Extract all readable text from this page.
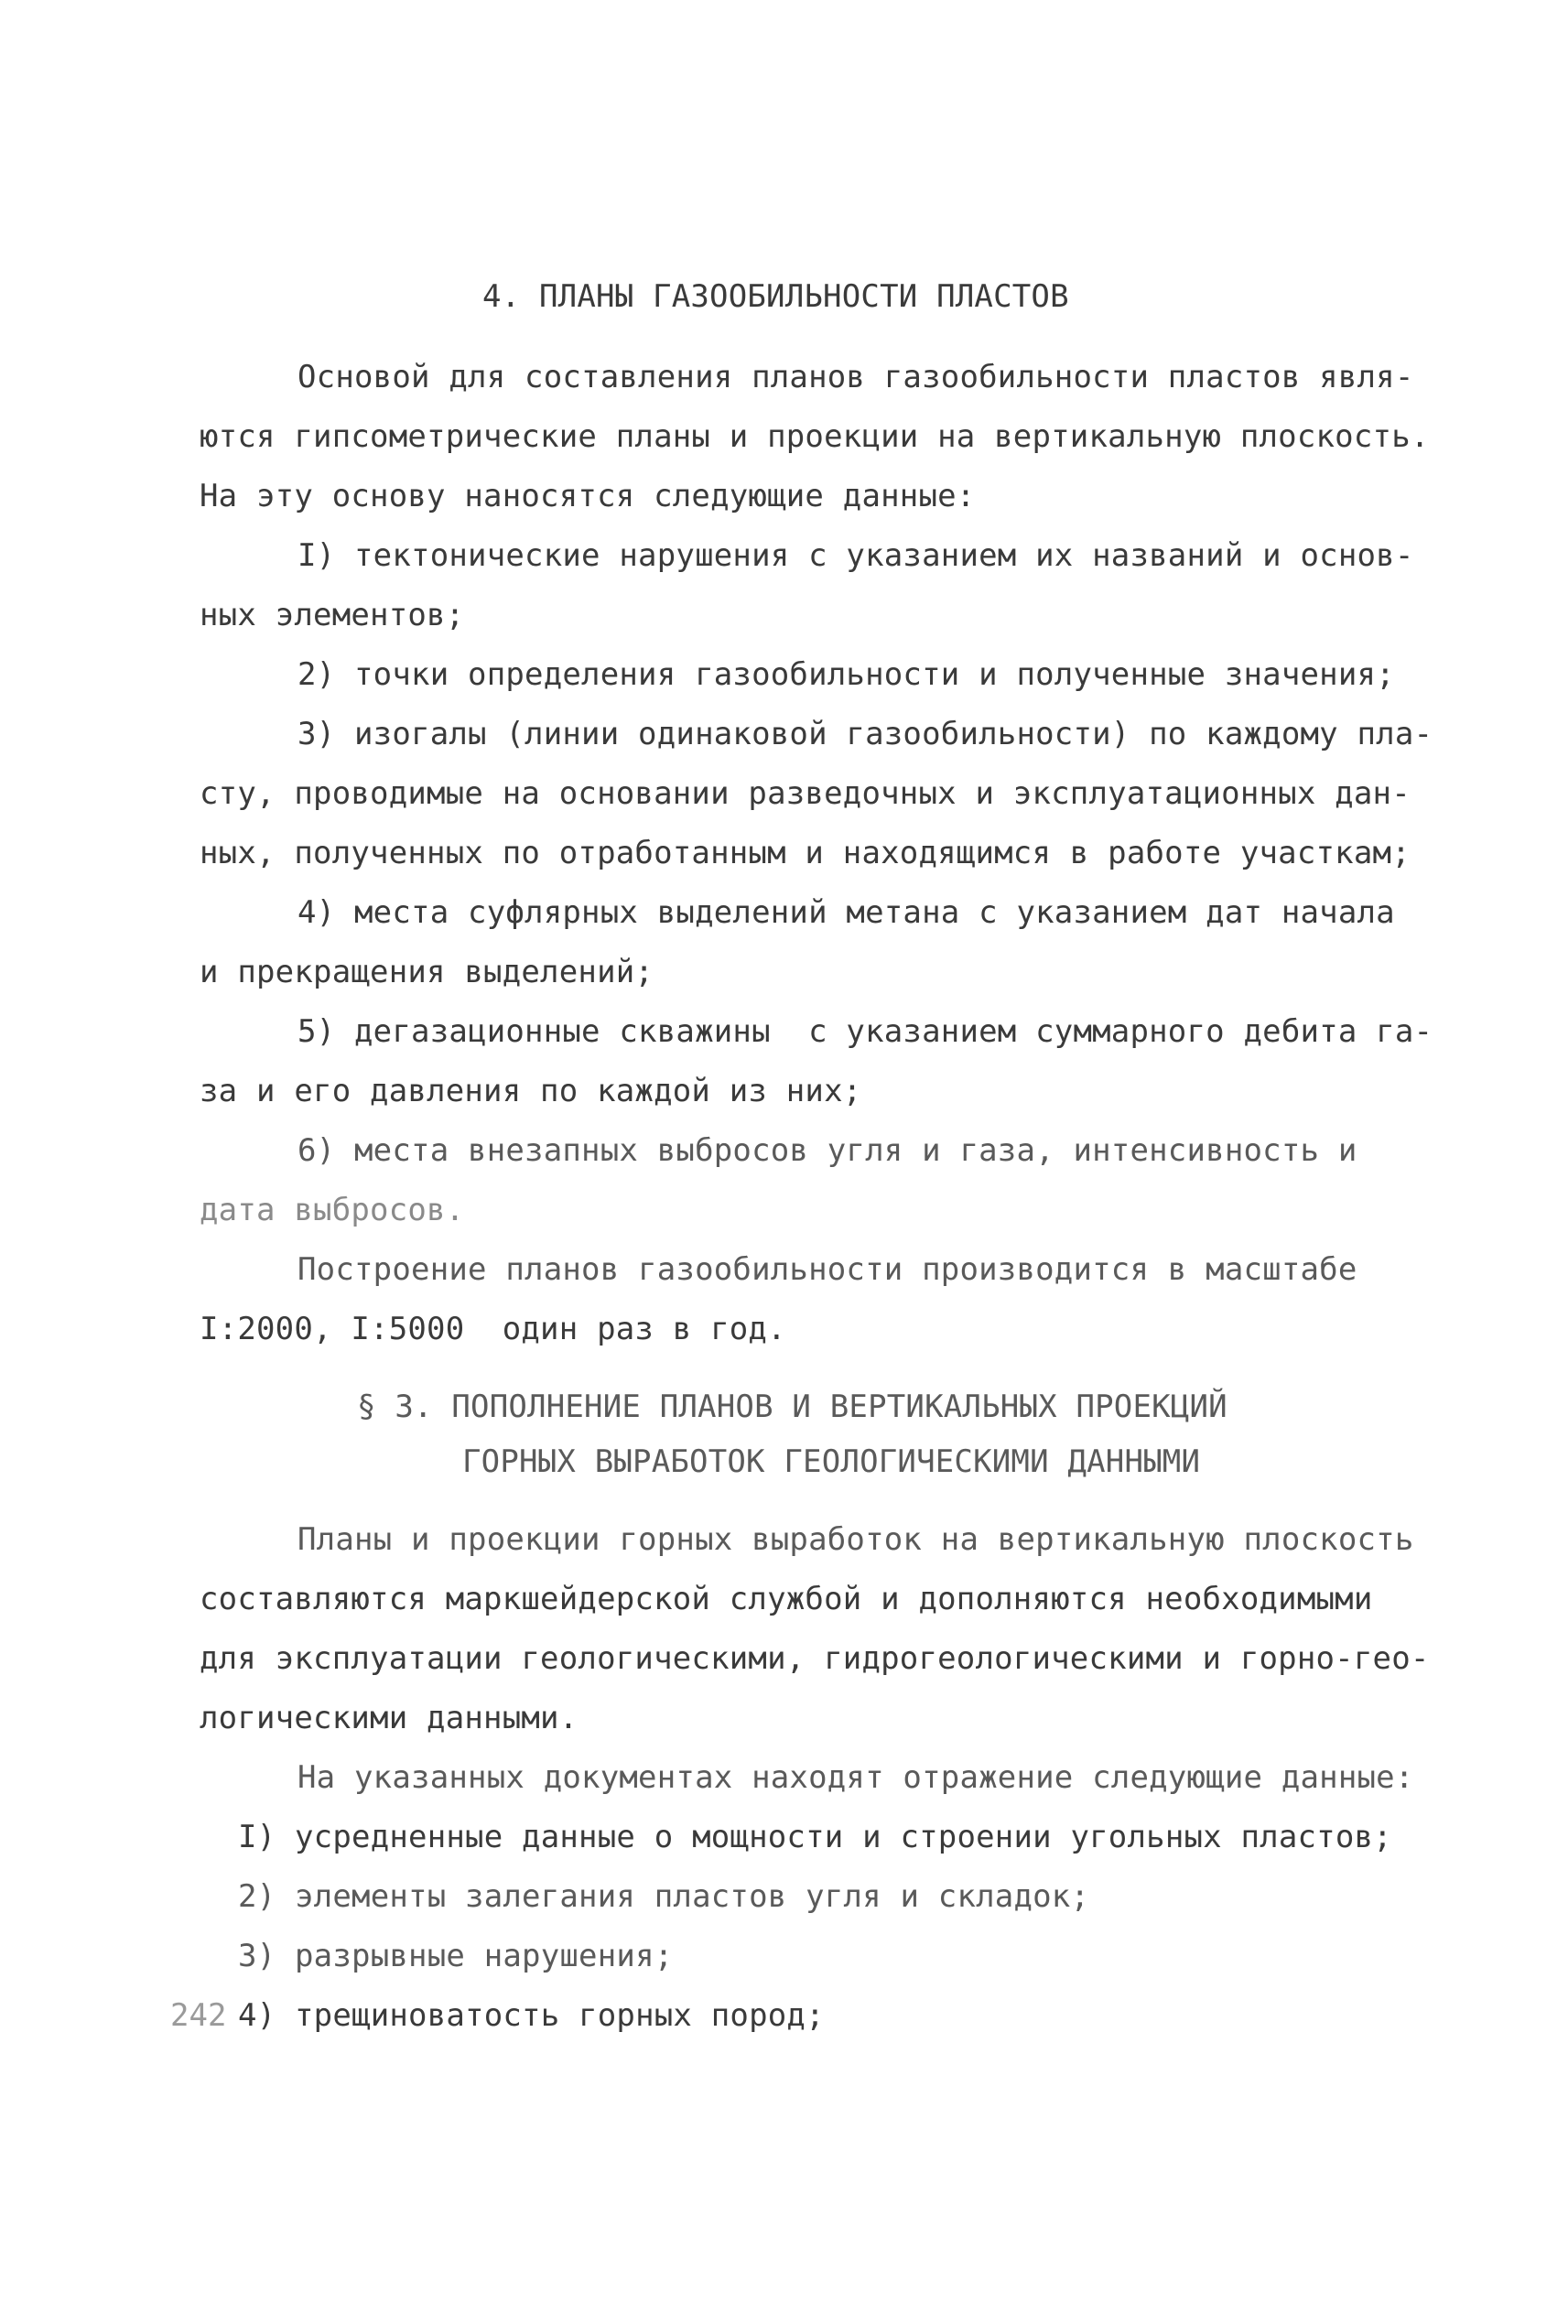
4. ПЛАНЫ ГАЗООБИЛЬНОСТИ ПЛАСТОВ
Основой для составления планов газообильности пластов явля-
ются гипсометрические планы и проекции на вертикальную плоскость.
На эту основу наносятся следующие данные:
I) тектонические нарушения с указанием их названий и основ-
ных элементов;
2) точки определения газообильности и полученные значения;
3) изогалы (линии одинаковой газообильности) по каждому пла-
сту, проводимые на основании разведочных и эксплуатационных дан-
ных, полученных по отработанным и находящимся в работе участкам;
4) места суфлярных выделений метана с указанием дат начала
и прекращения выделений;
5) дегазационные скважины  с указанием суммарного дебита га-
за и его давления по каждой из них;
6) места внезапных выбросов угля и газа, интенсивность и
дата выбросов.
Построение планов газообильности производится в масштабе
I:2000, I:5000  один раз в год.
§ 3. ПОПОЛНЕНИЕ ПЛАНОВ И ВЕРТИКАЛЬНЫХ ПРОЕКЦИЙ
ГОРНЫХ ВЫРАБОТОК ГЕОЛОГИЧЕСКИМИ ДАННЫМИ
Планы и проекции горных выработок на вертикальную плоскость
составляются маркшейдерской службой и дополняются необходимыми
для эксплуатации геологическими, гидрогеологическими и горно-гео-
логическими данными.
На указанных документах находят отражение следующие данные:
I) усредненные данные о мощности и строении угольных пластов;
2) элементы залегания пластов угля и складок;
3) разрывные нарушения;
242 4) трещиноватость горных пород;
